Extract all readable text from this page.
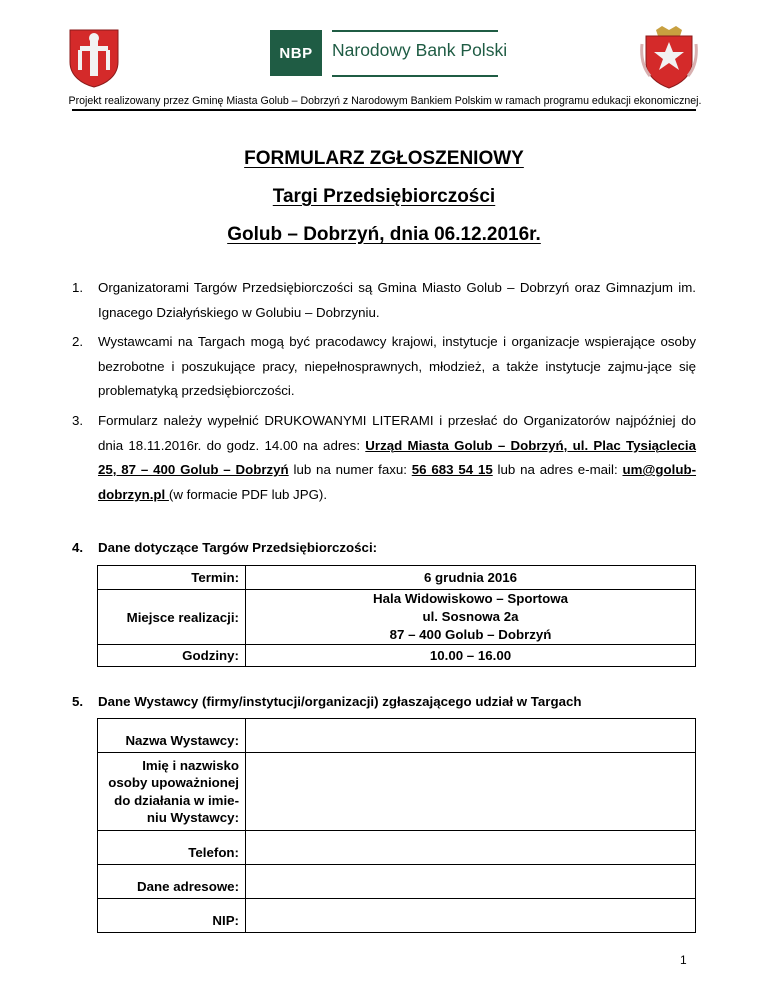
NBP	Narodowy Bank Polski
Projekt realizowany przez Gminę Miasta Golub – Dobrzyń z Narodowym Bankiem Polskim w ramach programu edukacji ekonomicznej.
FORMULARZ ZGŁOSZENIOWY
Targi Przedsiębiorczości
Golub – Dobrzyń, dnia 06.12.2016r.
1. Organizatorami Targów Przedsiębiorczości są Gmina Miasto Golub – Dobrzyń oraz Gimnazjum im. Ignacego Działyńskiego w Golubiu – Dobrzyniu.
2. Wystawcami na Targach mogą być pracodawcy krajowi, instytucje i organizacje wspierające osoby bezrobotne i poszukujące pracy, niepełnosprawnych, młodzież, a także instytucje zajmu-jące się problematyką przedsiębiorczości.
3. Formularz należy wypełnić DRUKOWANYMI LITERAMI i przesłać do Organizatorów najpóźniej do dnia 18.11.2016r. do godz. 14.00 na adres: Urząd Miasta Golub – Dobrzyń, ul. Plac Tysiąclecia 25, 87 – 400 Golub – Dobrzyń lub na numer faxu: 56 683 54 15 lub na adres e-mail: um@golub-dobrzyn.pl (w formacie PDF lub JPG).
4. Dane dotyczące Targów Przedsiębiorczości:
Termin:	6 grudnia 2016
Miejsce realizacji:	Hala Widowiskowo – Sportowa
ul. Sosnowa 2a
87 – 400 Golub – Dobrzyń

Godziny:	10.00 – 16.00
5. Dane Wystawcy (firmy/instytucji/organizacji) zgłaszającego udział w Targach
Nazwa Wystawcy:	

Imię i nazwisko
osoby upoważnionej
do działania w imie-
niu Wystawcy:	

Telefon:	
Dane adresowe:	
NIP:	
1
